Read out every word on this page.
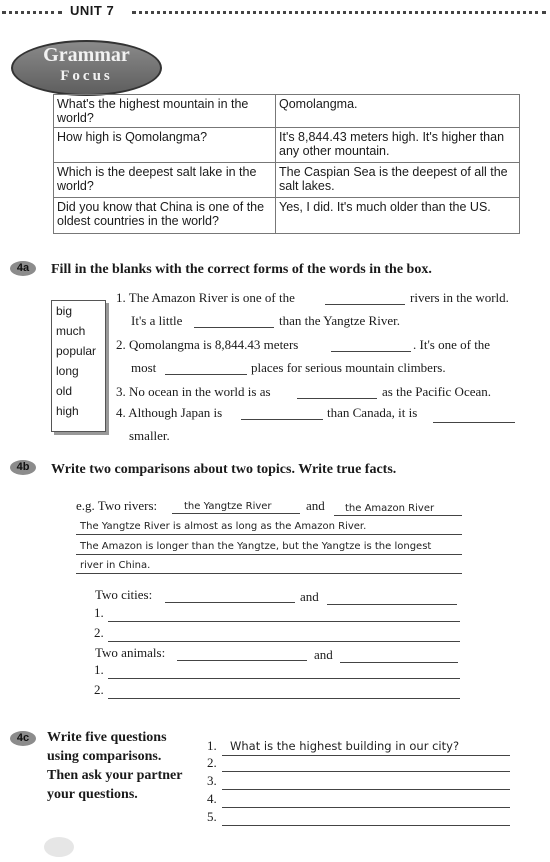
UNIT 7
Grammar
Focus
What's the highest mountain in the world?	Qomolangma.
How high is Qomolangma?	It's 8,844.43 meters high. It's higher than any other mountain.
Which is the deepest salt lake in the world?	The Caspian Sea is the deepest of all the salt lakes.
Did you know that China is one of the oldest countries in the world?	Yes, I did. It's much older than the US.
4a	Fill in the blanks with the correct forms of the words in the box.
big
much
popular
long
old
high
1. The Amazon River is one of the	rivers in the world.
It's a little	than the Yangtze River.
2. Qomolangma is 8,844.43 meters	. It's one of the
most	places for serious mountain climbers.
3. No ocean in the world is as	as the Pacific Ocean.
4. Although Japan is	than Canada, it is
smaller.
4b	Write two comparisons about two topics. Write true facts.
e.g. Two rivers:	the Yangtze River	and the Amazon River
The Yangtze River is almost as long as the Amazon River.
The Amazon is longer than the Yangtze, but the Yangtze is the longest
river in China.
Two cities:	and
1.
2.
Two animals:	and
1.
2.
4c	Write five questions
using comparisons.
Then ask your partner
your questions.
1. What is the highest building in our city?
2.
3.
4.
5.
